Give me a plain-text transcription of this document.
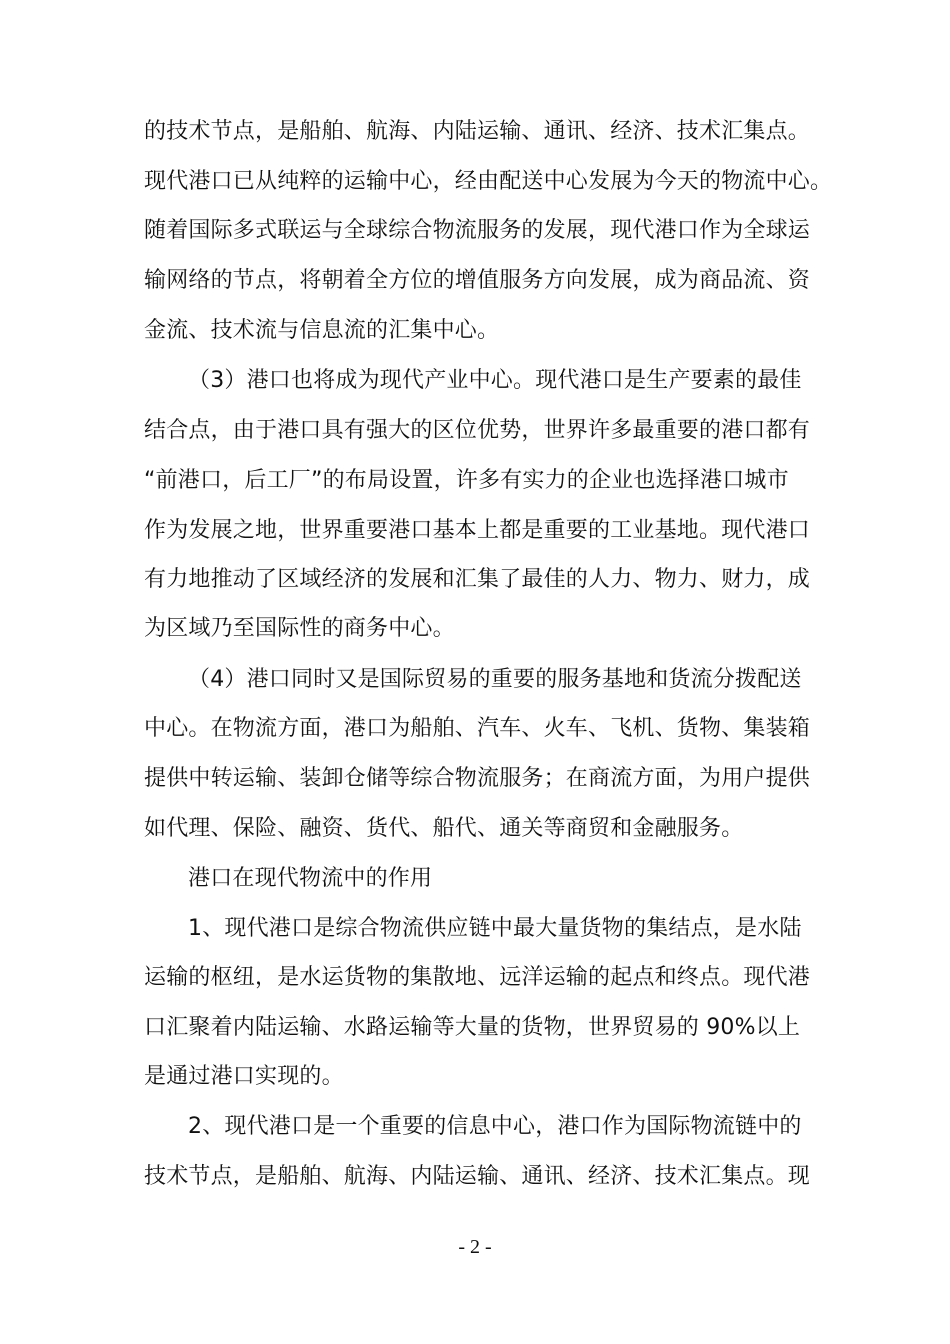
的技术节点，是船舶、航海、内陆运输、通讯、经济、技术汇集点。
现代港口已从纯粹的运输中心，经由配送中心发展为今天的物流中心。
随着国际多式联运与全球综合物流服务的发展，现代港口作为全球运
输网络的节点，将朝着全方位的增值服务方向发展，成为商品流、资
金流、技术流与信息流的汇集中心。
（3）港口也将成为现代产业中心。现代港口是生产要素的最佳
结合点，由于港口具有强大的区位优势，世界许多最重要的港口都有
“前港口，后工厂”的布局设置，许多有实力的企业也选择港口城市
作为发展之地，世界重要港口基本上都是重要的工业基地。现代港口
有力地推动了区域经济的发展和汇集了最佳的人力、物力、财力，成
为区域乃至国际性的商务中心。
（4）港口同时又是国际贸易的重要的服务基地和货流分拨配送
中心。在物流方面，港口为船舶、汽车、火车、飞机、货物、集装箱
提供中转运输、装卸仓储等综合物流服务；在商流方面，为用户提供
如代理、保险、融资、货代、船代、通关等商贸和金融服务。
港口在现代物流中的作用
1、现代港口是综合物流供应链中最大量货物的集结点，是水陆
运输的枢纽，是水运货物的集散地、远洋运输的起点和终点。现代港
口汇聚着内陆运输、水路运输等大量的货物，世界贸易的 90%以上
是通过港口实现的。
2、现代港口是一个重要的信息中心，港口作为国际物流链中的
技术节点，是船舶、航海、内陆运输、通讯、经济、技术汇集点。现
- 2 -
